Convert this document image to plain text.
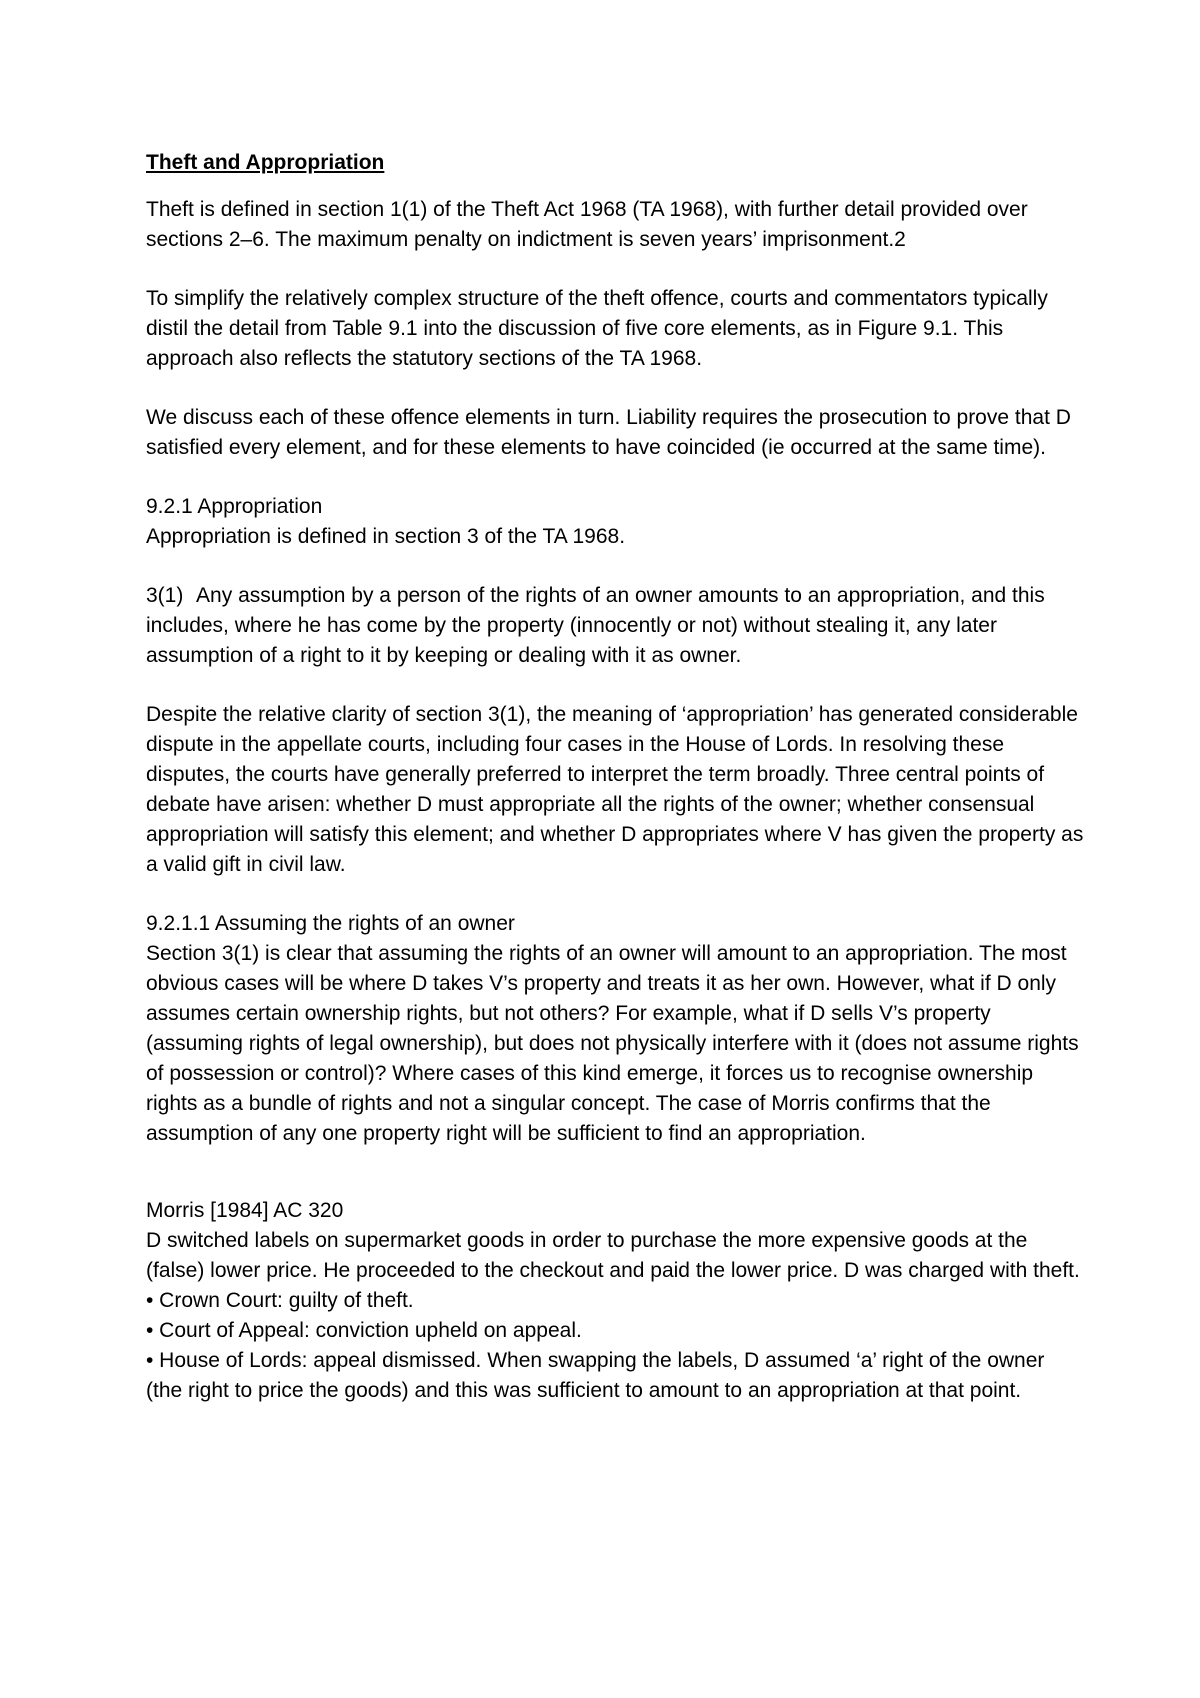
Theft and Appropriation

Theft is defined in section 1(1) of the Theft Act 1968 (TA 1968), with further detail provided over sections 2–6. The maximum penalty on indictment is seven years’ imprisonment.2

To simplify the relatively complex structure of the theft offence, courts and commentators typically distil the detail from Table 9.1 into the discussion of five core elements, as in Figure 9.1. This approach also reflects the statutory sections of the TA 1968.

We discuss each of these offence elements in turn. Liability requires the prosecution to prove that D satisfied every element, and for these elements to have coincided (ie occurred at the same time).

9.2.1 Appropriation

Appropriation is defined in section 3 of the TA 1968.

3(1) Any assumption by a person of the rights of an owner amounts to an appropriation, and this includes, where he has come by the property (innocently or not) without stealing it, any later assumption of a right to it by keeping or dealing with it as owner.

Despite the relative clarity of section 3(1), the meaning of ‘appropriation’ has generated considerable dispute in the appellate courts, including four cases in the House of Lords. In resolving these disputes, the courts have generally preferred to interpret the term broadly. Three central points of debate have arisen: whether D must appropriate all the rights of the owner; whether consensual appropriation will satisfy this element; and whether D appropriates where V has given the property as a valid gift in civil law.

9.2.1.1 Assuming the rights of an owner

Section 3(1) is clear that assuming the rights of an owner will amount to an appropriation. The most obvious cases will be where D takes V’s property and treats it as her own. However, what if D only assumes certain ownership rights, but not others? For example, what if D sells V’s property (assuming rights of legal ownership), but does not physically interfere with it (does not assume rights of possession or control)? Where cases of this kind emerge, it forces us to recognise ownership rights as a bundle of rights and not a singular concept. The case of Morris confirms that the assumption of any one property right will be sufficient to find an appropriation.

Morris [1984] AC 320

D switched labels on supermarket goods in order to purchase the more expensive goods at the (false) lower price. He proceeded to the checkout and paid the lower price. D was charged with theft.

• Crown Court: guilty of theft.

• Court of Appeal: conviction upheld on appeal.

• House of Lords: appeal dismissed. When swapping the labels, D assumed ‘a’ right of the owner (the right to price the goods) and this was sufficient to amount to an appropriation at that point.
